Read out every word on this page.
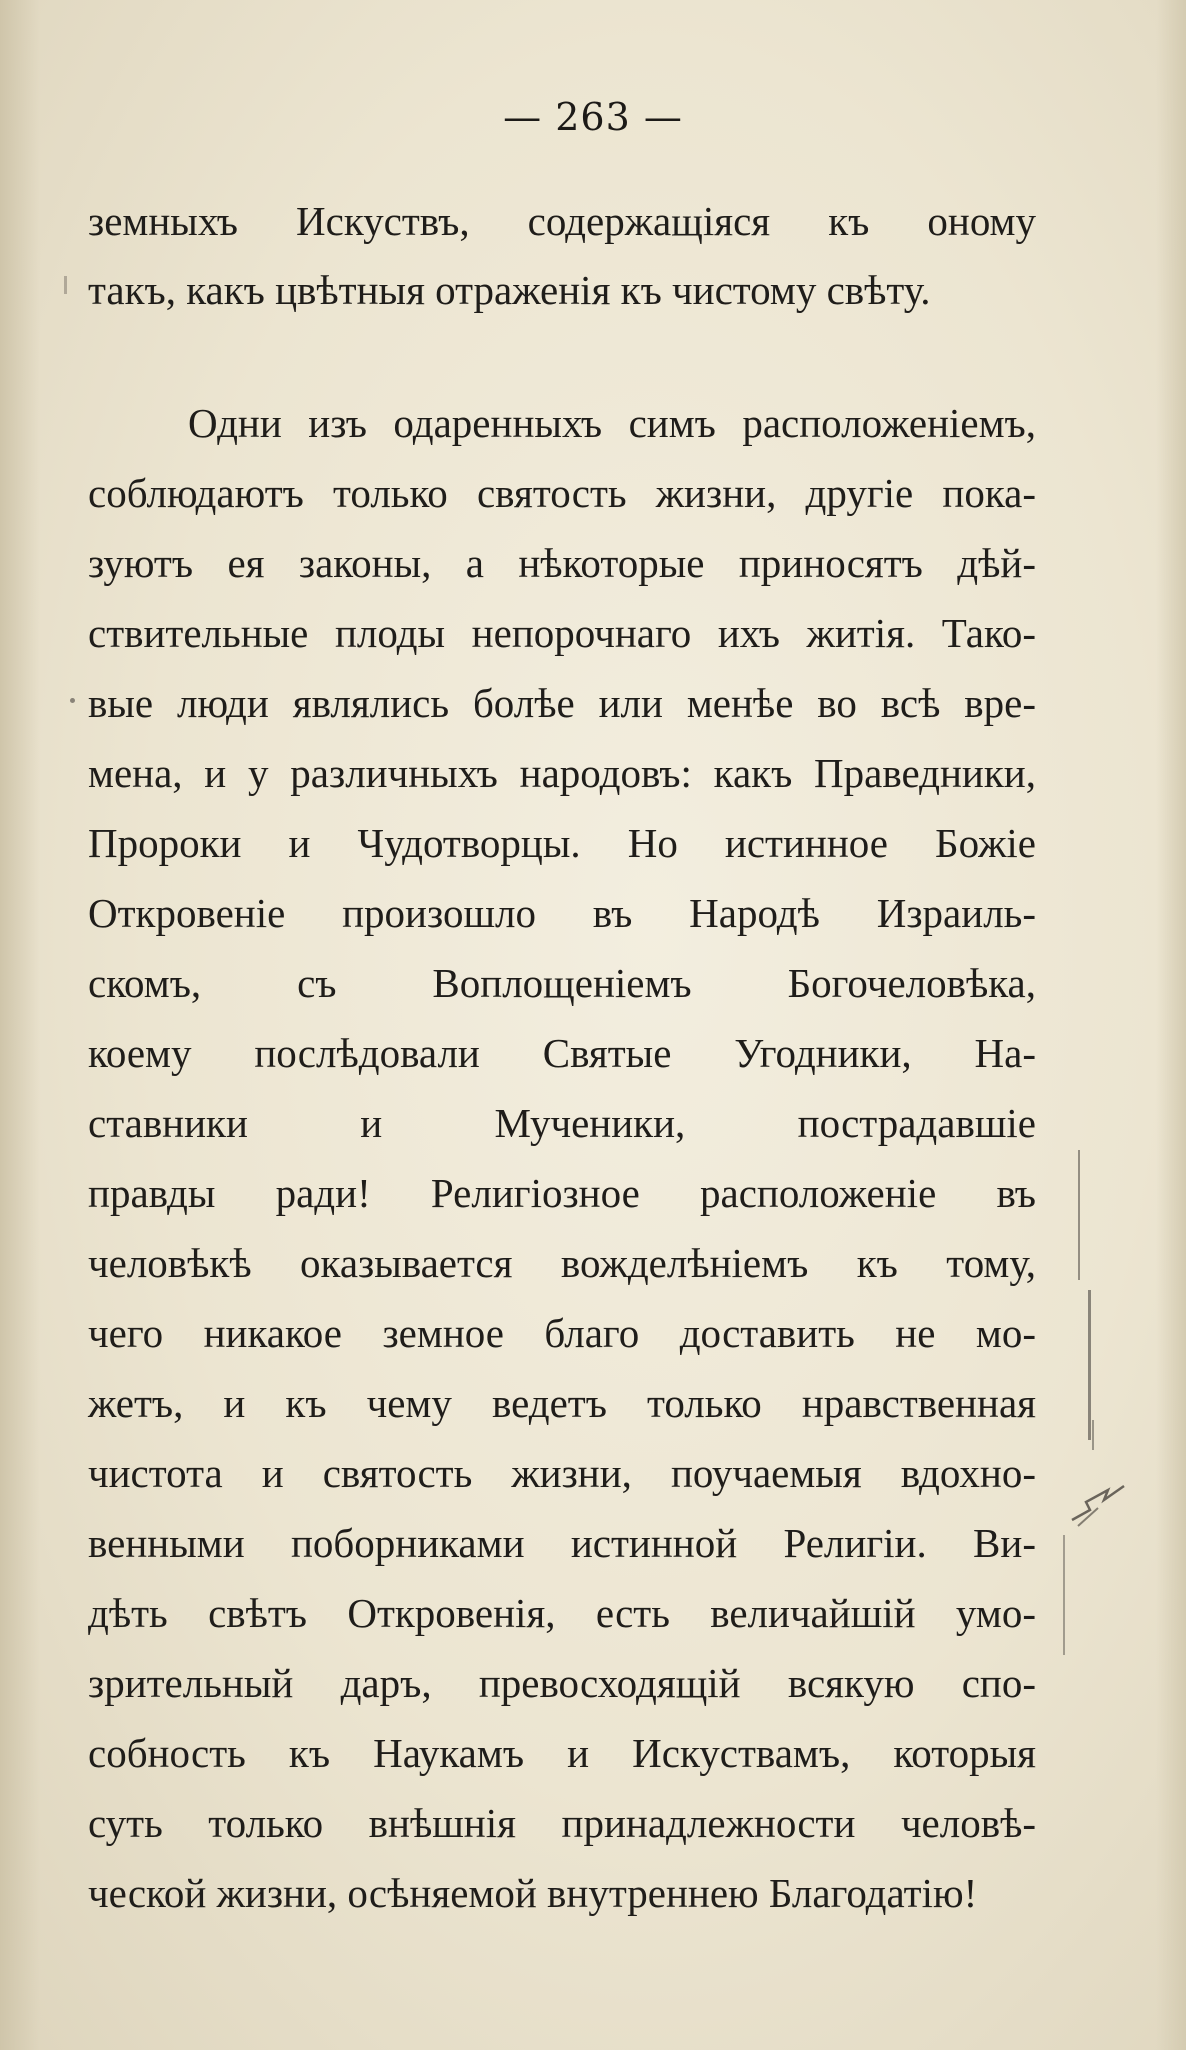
— 263 —
земныхъ Искуствъ, содержащіяся къ оному
такъ, какъ цвѣтныя отраженія къ чистому свѣту.
Одни изъ одаренныхъ симъ расположеніемъ,
соблюдаютъ только святость жизни, другіе пока-
зуютъ ея законы, а нѣкоторые приносятъ дѣй-
ствительные плоды непорочнаго ихъ житія. Тако-
выe люди являлись болѣе или менѣе во всѣ вре-
мена, и у различныхъ народовъ: какъ Праведники,
Пророки и Чудотворцы. Но истинное Божіе
Откровеніе произошло въ Народѣ Израиль-
скомъ, съ Воплощеніемъ Богочеловѣка,
коему послѣдовали Святые Угодники, На-
ставники и Мученики, пострадавшіе
правды ради! Религіозное расположеніе въ
человѣкѣ оказывается вожделѣніемъ къ тому,
чего никакое земное благо доставить не мо-
жетъ, и къ чему ведетъ только нравственная
чистота и святость жизни, поучаемыя вдохно-
венными поборниками истинной Религіи. Ви-
дѣть свѣтъ Откровенія, есть величайшій умо-
зрительный даръ, превосходящій всякую спо-
собность къ Наукамъ и Искуствамъ, которыя
суть только внѣшнія принадлежности человѣ-
ческой жизни, осѣняемой внутреннею Благодатію!
